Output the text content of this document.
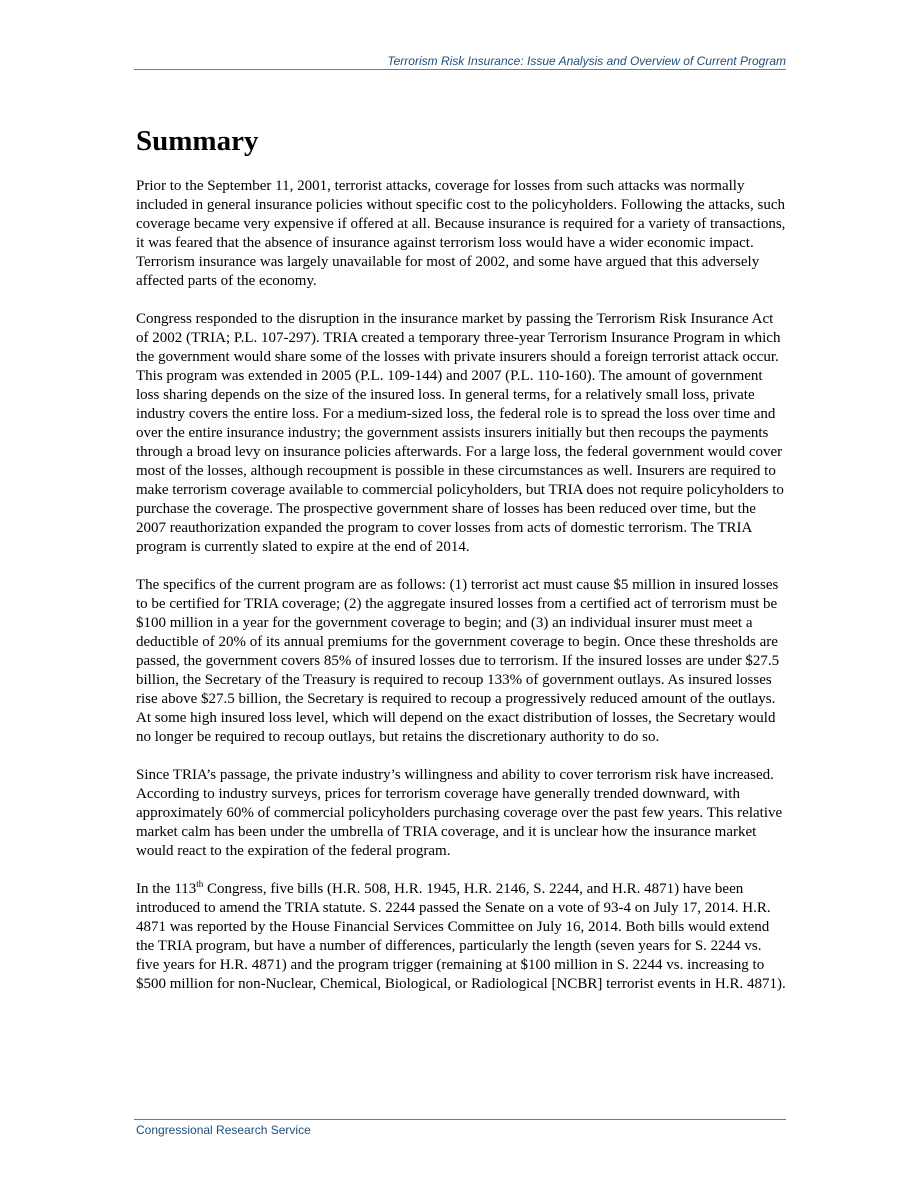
Terrorism Risk Insurance: Issue Analysis and Overview of Current Program
Summary

Prior to the September 11, 2001, terrorist attacks, coverage for losses from such attacks was normally included in general insurance policies without specific cost to the policyholders. Following the attacks, such coverage became very expensive if offered at all. Because insurance is required for a variety of transactions, it was feared that the absence of insurance against terrorism loss would have a wider economic impact. Terrorism insurance was largely unavailable for most of 2002, and some have argued that this adversely affected parts of the economy.

Congress responded to the disruption in the insurance market by passing the Terrorism Risk Insurance Act of 2002 (TRIA; P.L. 107-297). TRIA created a temporary three-year Terrorism Insurance Program in which the government would share some of the losses with private insurers should a foreign terrorist attack occur. This program was extended in 2005 (P.L. 109-144) and 2007 (P.L. 110-160). The amount of government loss sharing depends on the size of the insured loss. In general terms, for a relatively small loss, private industry covers the entire loss. For a medium-sized loss, the federal role is to spread the loss over time and over the entire insurance industry; the government assists insurers initially but then recoups the payments through a broad levy on insurance policies afterwards. For a large loss, the federal government would cover most of the losses, although recoupment is possible in these circumstances as well. Insurers are required to make terrorism coverage available to commercial policyholders, but TRIA does not require policyholders to purchase the coverage. The prospective government share of losses has been reduced over time, but the 2007 reauthorization expanded the program to cover losses from acts of domestic terrorism. The TRIA program is currently slated to expire at the end of 2014.

The specifics of the current program are as follows: (1) terrorist act must cause $5 million in insured losses to be certified for TRIA coverage; (2) the aggregate insured losses from a certified act of terrorism must be $100 million in a year for the government coverage to begin; and (3) an individual insurer must meet a deductible of 20% of its annual premiums for the government coverage to begin. Once these thresholds are passed, the government covers 85% of insured losses due to terrorism. If the insured losses are under $27.5 billion, the Secretary of the Treasury is required to recoup 133% of government outlays. As insured losses rise above $27.5 billion, the Secretary is required to recoup a progressively reduced amount of the outlays. At some high insured loss level, which will depend on the exact distribution of losses, the Secretary would no longer be required to recoup outlays, but retains the discretionary authority to do so.

Since TRIA’s passage, the private industry’s willingness and ability to cover terrorism risk have increased. According to industry surveys, prices for terrorism coverage have generally trended downward, with approximately 60% of commercial policyholders purchasing coverage over the past few years. This relative market calm has been under the umbrella of TRIA coverage, and it is unclear how the insurance market would react to the expiration of the federal program.

In the 113th Congress, five bills (H.R. 508, H.R. 1945, H.R. 2146, S. 2244, and H.R. 4871) have been introduced to amend the TRIA statute. S. 2244 passed the Senate on a vote of 93-4 on July 17, 2014. H.R. 4871 was reported by the House Financial Services Committee on July 16, 2014. Both bills would extend the TRIA program, but have a number of differences, particularly the length (seven years for S. 2244 vs. five years for H.R. 4871) and the program trigger (remaining at $100 million in S. 2244 vs. increasing to $500 million for non-Nuclear, Chemical, Biological, or Radiological [NCBR] terrorist events in H.R. 4871).

Congressional Research Service
